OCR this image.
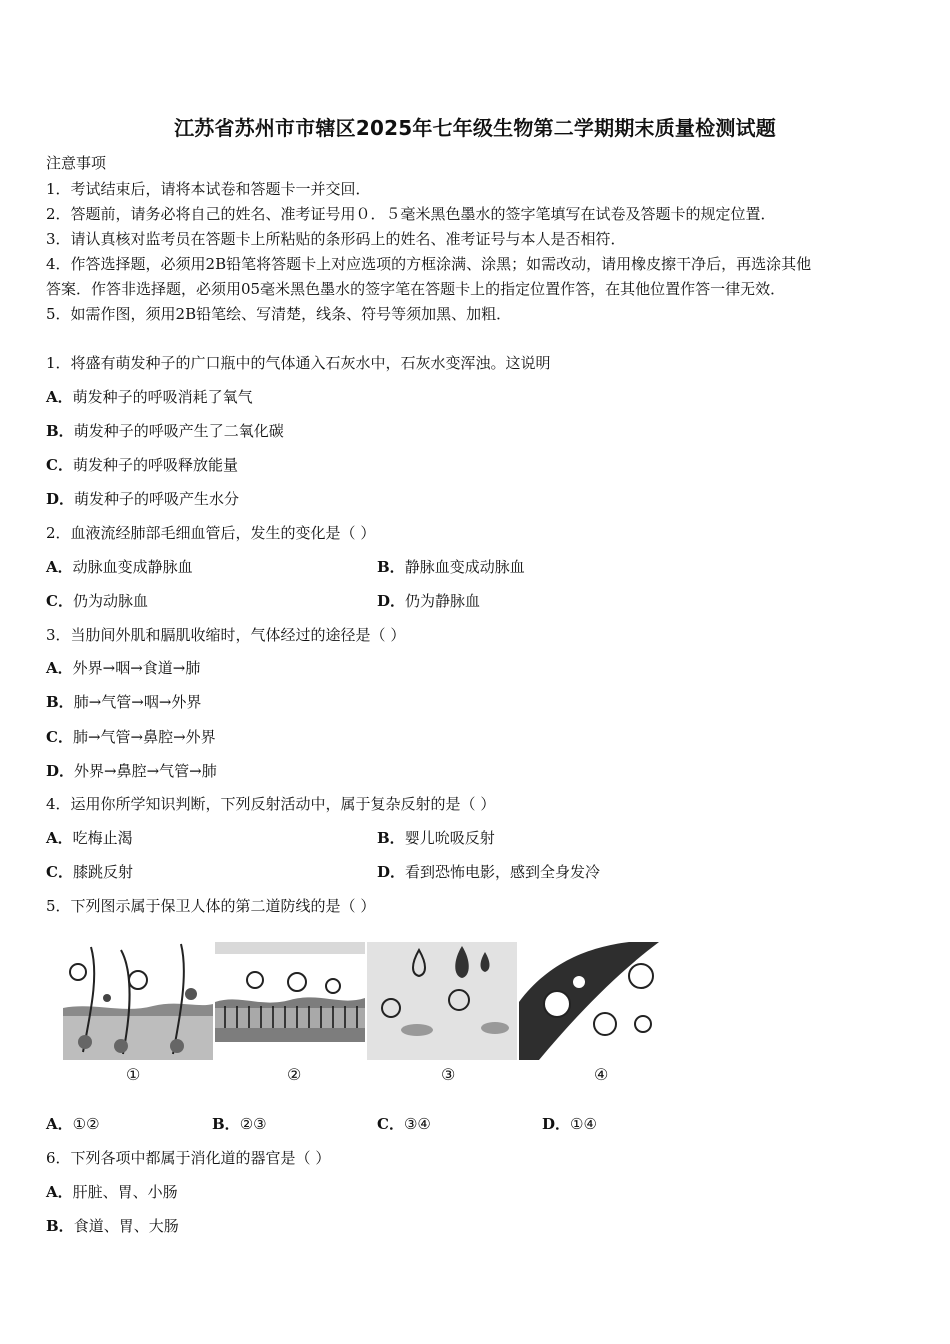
江苏省苏州市市辖区2025年七年级生物第二学期期末质量检测试题
注意事项
1．考试结束后，请将本试卷和答题卡一并交回．
2．答题前，请务必将自己的姓名、准考证号用０．５毫米黑色墨水的签字笔填写在试卷及答题卡的规定位置．
3．请认真核对监考员在答题卡上所粘贴的条形码上的姓名、准考证号与本人是否相符．
4．作答选择题，必须用2B铅笔将答题卡上对应选项的方框涂满、涂黑；如需改动，请用橡皮擦干净后，再选涂其他
答案．作答非选择题，必须用05毫米黑色墨水的签字笔在答题卡上的指定位置作答，在其他位置作答一律无效．
5．如需作图，须用2B铅笔绘、写清楚，线条、符号等须加黑、加粗．
1．将盛有萌发种子的广口瓶中的气体通入石灰水中，石灰水变浑浊。这说明
A．萌发种子的呼吸消耗了氧气
B．萌发种子的呼吸产生了二氧化碳
C．萌发种子的呼吸释放能量
D．萌发种子的呼吸产生水分
2．血液流经肺部毛细血管后，发生的变化是（ ）
A．动脉血变成静脉血	B．静脉血变成动脉血
C．仍为动脉血	D．仍为静脉血
3．当肋间外肌和膈肌收缩时，气体经过的途径是（ ）
A．外界→咽→食道→肺
B．肺→气管→咽→外界
C．肺→气管→鼻腔→外界
D．外界→鼻腔→气管→肺
4．运用你所学知识判断，下列反射活动中，属于复杂反射的是（ ）
A．吃梅止渴	B．婴儿吮吸反射
C．膝跳反射	D．看到恐怖电影，感到全身发冷
5．下列图示属于保卫人体的第二道防线的是（ ）
①	②	③	④
A．①②	B．②③	C．③④	D．①④
6．下列各项中都属于消化道的器官是（ ）
A．肝脏、胃、小肠
B．食道、胃、大肠
